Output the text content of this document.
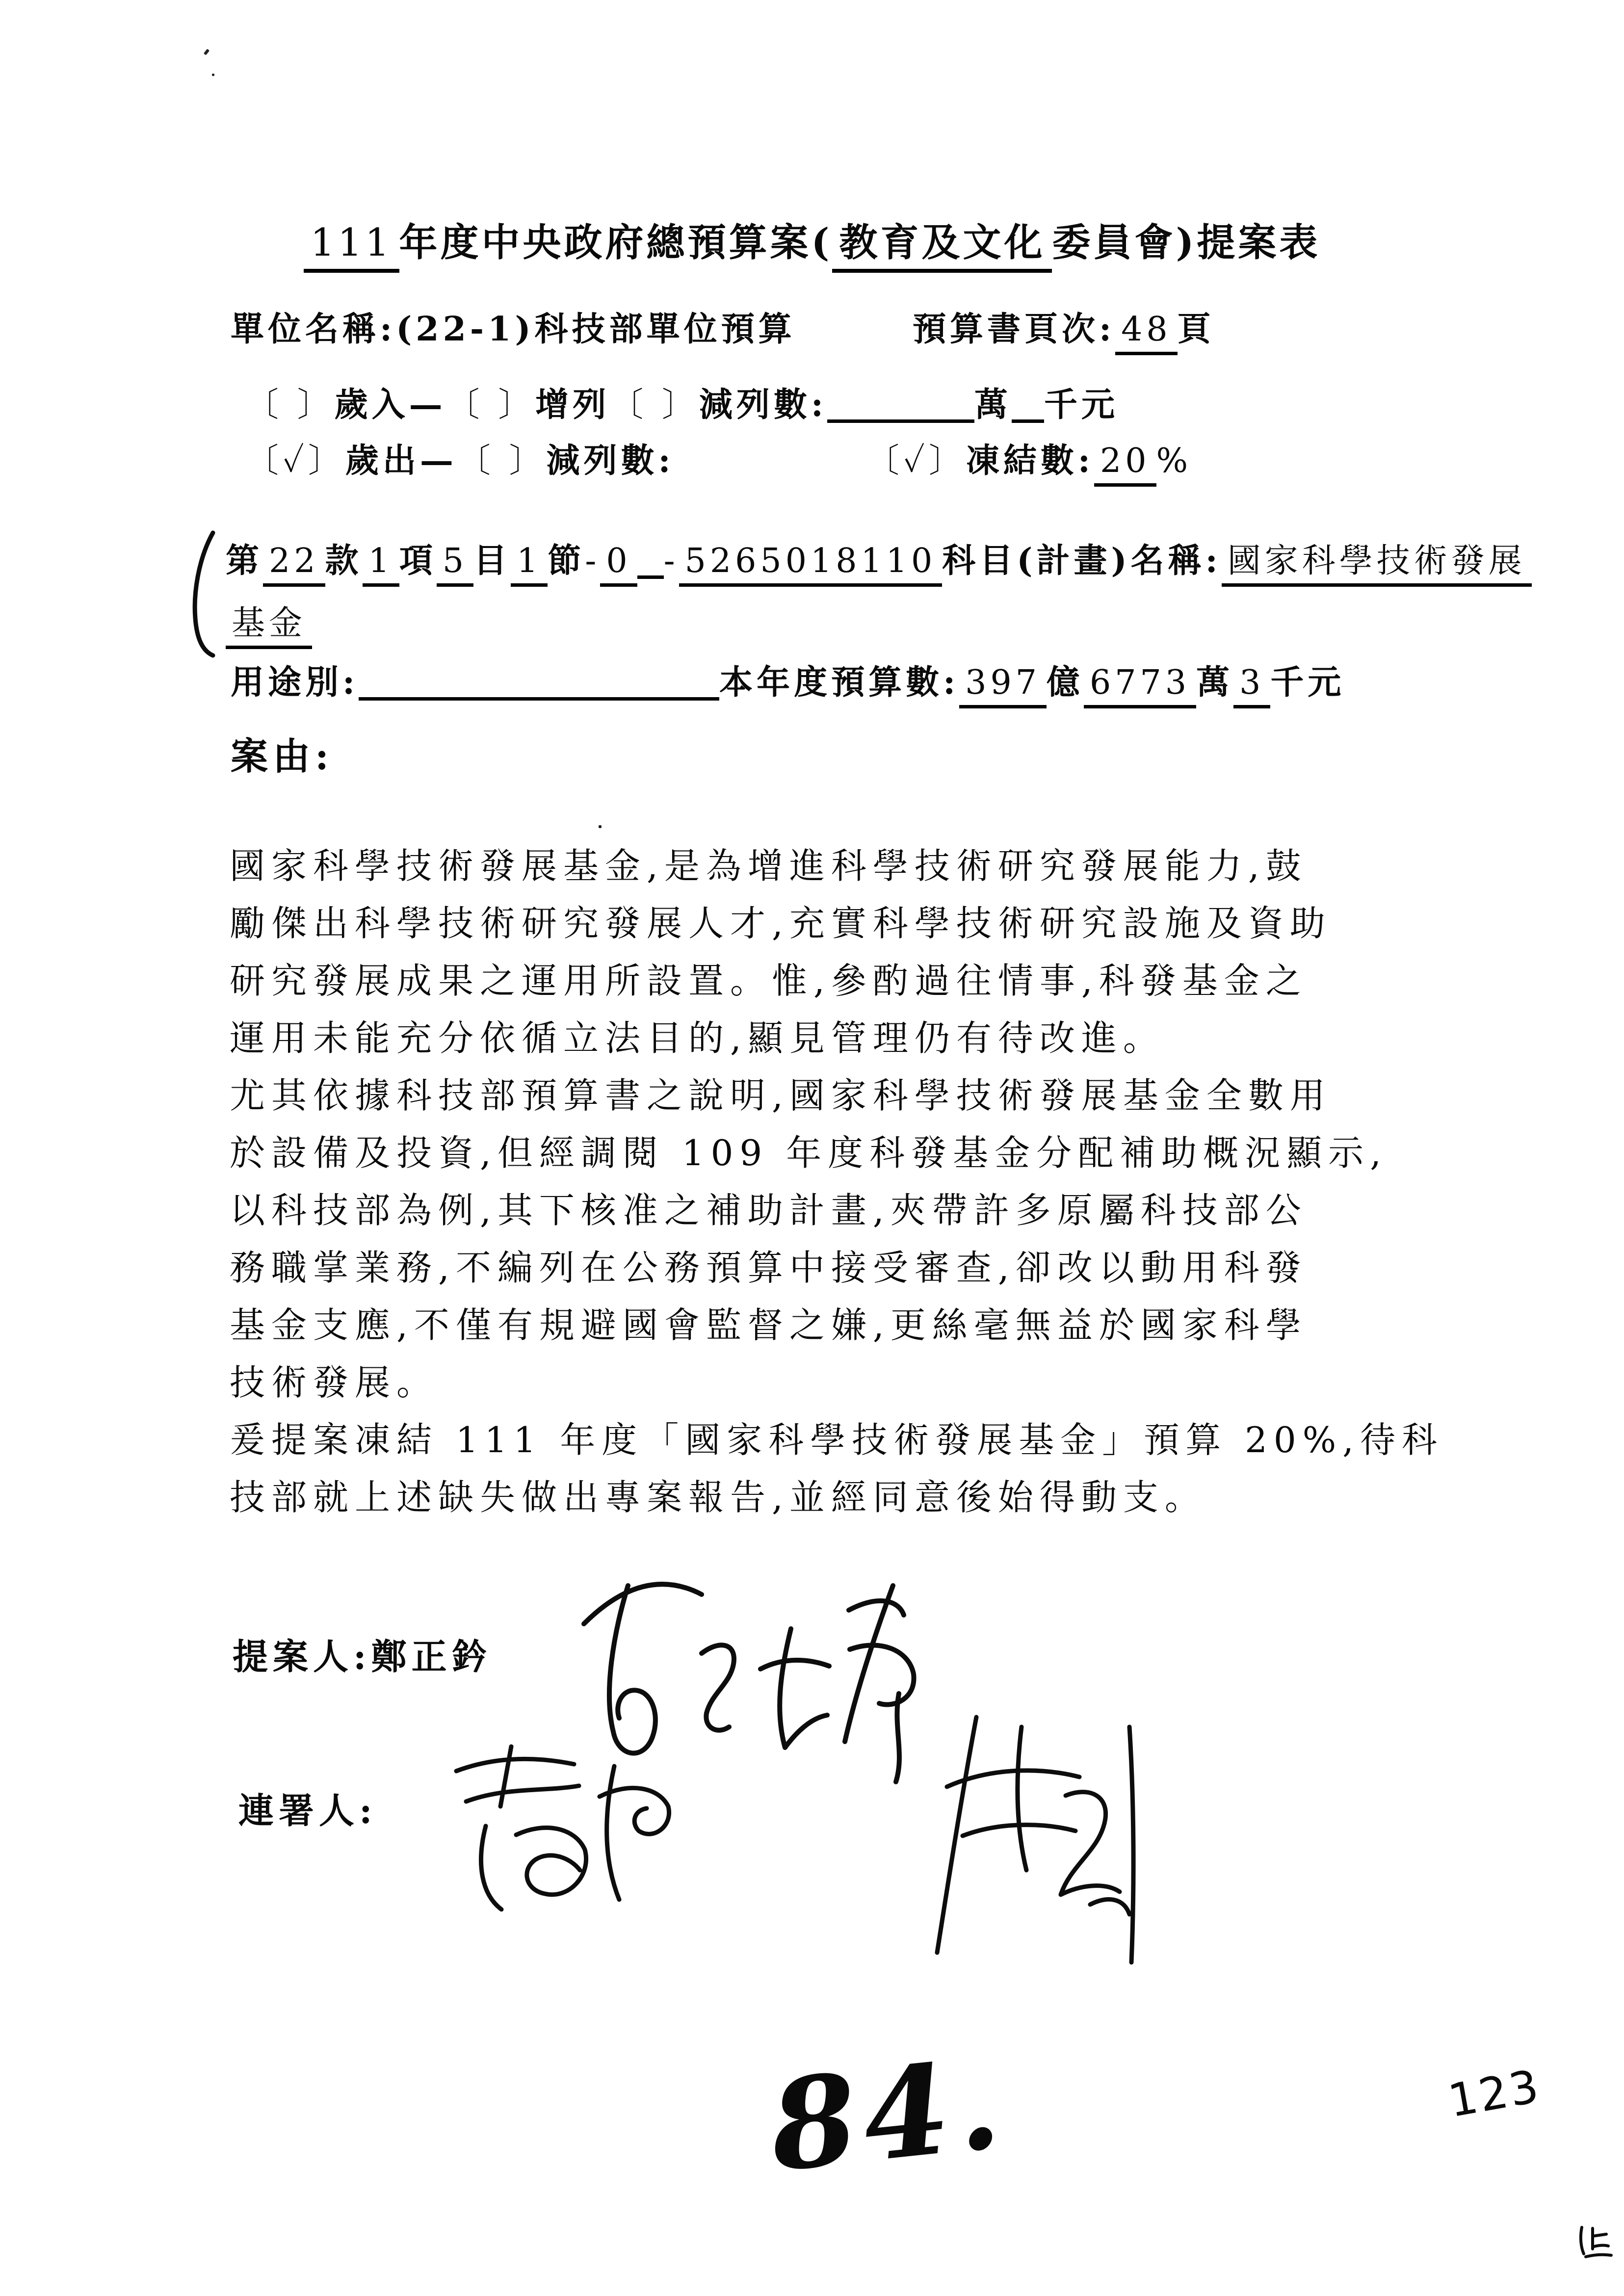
111 年度中央政府總預算案( 教育及文化 委員會)提案表
單位名稱:(22-1)科技部單位預算	預算書頁次: 48 頁
〔 〕歲入—〔 〕增列〔 〕減列數:	萬 千元
〔✓〕歲出—〔 〕減列數:	〔✓〕凍結數: 20 %
第 22 款 1 項 5 目 1 節- 0 - 5265018110 科目(計畫)名稱: 國家科學技術發展
基金
用途別:	本年度預算數: 397 億 6773 萬 3 千元
案由:
國家科學技術發展基金,是為增進科學技術研究發展能力,鼓
勵傑出科學技術研究發展人才,充實科學技術研究設施及資助
研究發展成果之運用所設置。惟,參酌過往情事,科發基金之
運用未能充分依循立法目的,顯見管理仍有待改進。
尤其依據科技部預算書之說明,國家科學技術發展基金全數用
於設備及投資,但經調閱 109 年度科發基金分配補助概況顯示,
以科技部為例,其下核准之補助計畫,夾帶許多原屬科技部公
務職掌業務,不編列在公務預算中接受審查,卻改以動用科發
基金支應,不僅有規避國會監督之嫌,更絲毫無益於國家科學
技術發展。
爰提案凍結 111 年度「國家科學技術發展基金」預算 20%,待科
技部就上述缺失做出專案報告,並經同意後始得動支。
提案人:鄭正鈐
連署人:
84.	123
